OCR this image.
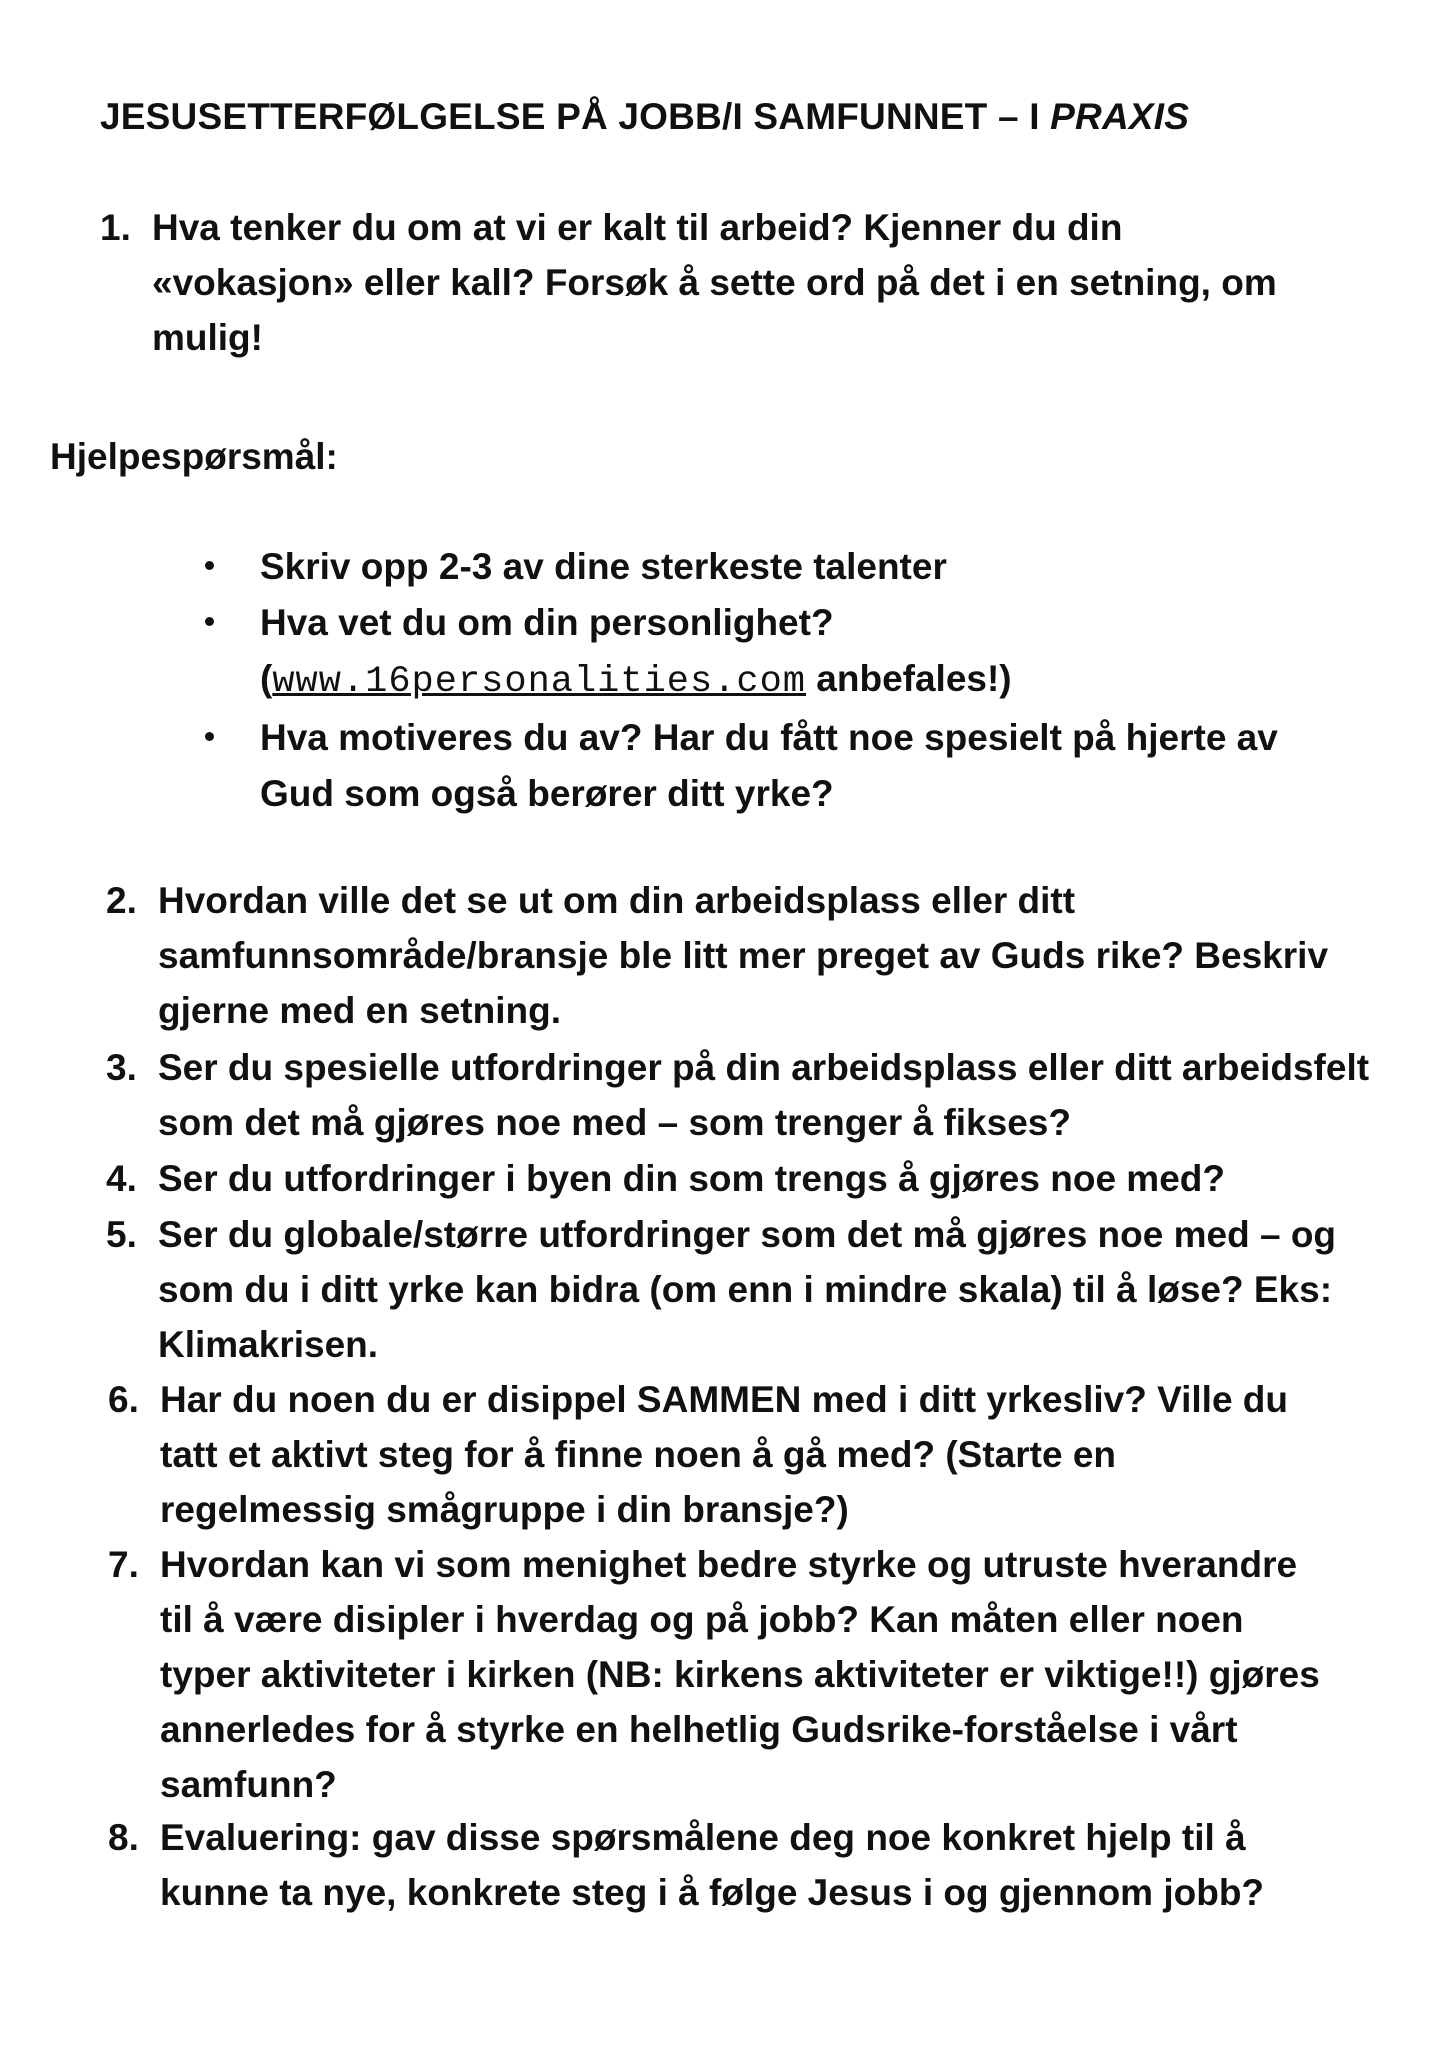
JESUSETTERFØLGELSE PÅ JOBB/I SAMFUNNET – I PRAXIS
1. Hva tenker du om at vi er kalt til arbeid? Kjenner du din «vokasjon» eller kall? Forsøk å sette ord på det i en setning, om mulig!
Hjelpespørsmål:
Skriv opp 2-3 av dine sterkeste talenter
Hva vet du om din personlighet?
(www.16personalities.com anbefales!)
Hva motiveres du av? Har du fått noe spesielt på hjerte av Gud som også berører ditt yrke?
2. Hvordan ville det se ut om din arbeidsplass eller ditt samfunnsområde/bransje ble litt mer preget av Guds rike? Beskriv gjerne med en setning.
3. Ser du spesielle utfordringer på din arbeidsplass eller ditt arbeidsfelt som det må gjøres noe med – som trenger å fikses?
4. Ser du utfordringer i byen din som trengs å gjøres noe med?
5. Ser du globale/større utfordringer som det må gjøres noe med – og som du i ditt yrke kan bidra (om enn i mindre skala) til å løse? Eks: Klimakrisen.
6. Har du noen du er disippel SAMMEN med i ditt yrkesliv? Ville du tatt et aktivt steg for å finne noen å gå med? (Starte en regelmessig smågruppe i din bransje?)
7. Hvordan kan vi som menighet bedre styrke og utruste hverandre til å være disipler i hverdag og på jobb? Kan måten eller noen typer aktiviteter i kirken (NB: kirkens aktiviteter er viktige!!) gjøres annerledes for å styrke en helhetlig Gudsrike-forståelse i vårt samfunn?
8. Evaluering: gav disse spørsmålene deg noe konkret hjelp til å kunne ta nye, konkrete steg i å følge Jesus i og gjennom jobb?
